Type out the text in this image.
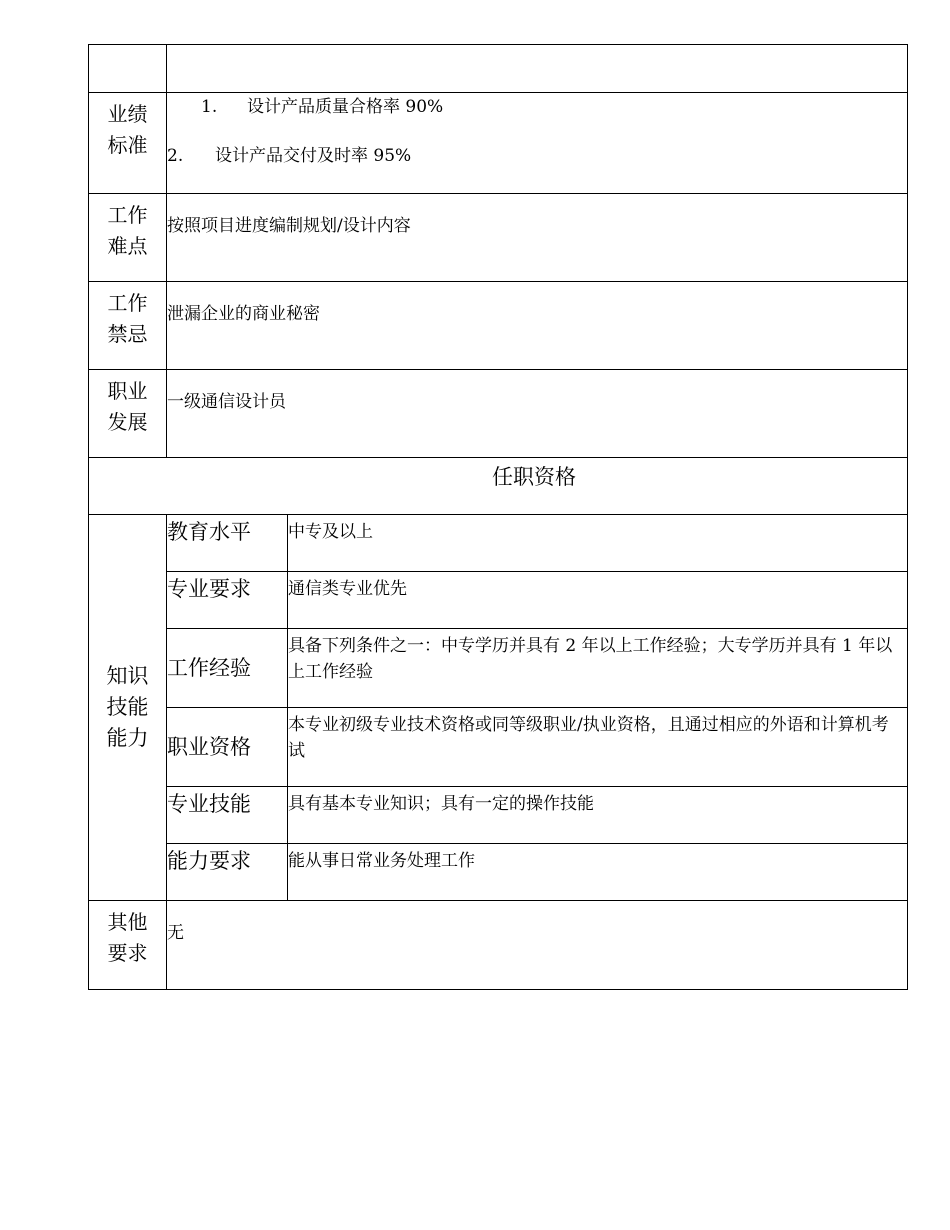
业绩标准	1. 设计产品质量合格率 90%
2. 设计产品交付及时率 95%	

工作难点	按照项目进度编制规划/设计内容	

工作禁忌	泄漏企业的商业秘密	

职业发展	一级通信设计员	

任职资格		

知识技能能力	教育水平	中专及以上
	专业要求	通信类专业优先
	工作经验	具备下列条件之一：中专学历并具有 2 年以上工作经验；大专学历并具有 1 年以上工作经验
	职业资格	本专业初级专业技术资格或同等级职业/执业资格，且通过相应的外语和计算机考试
	专业技能	具有基本专业知识；具有一定的操作技能
	能力要求	能从事日常业务处理工作

其他要求	无	
